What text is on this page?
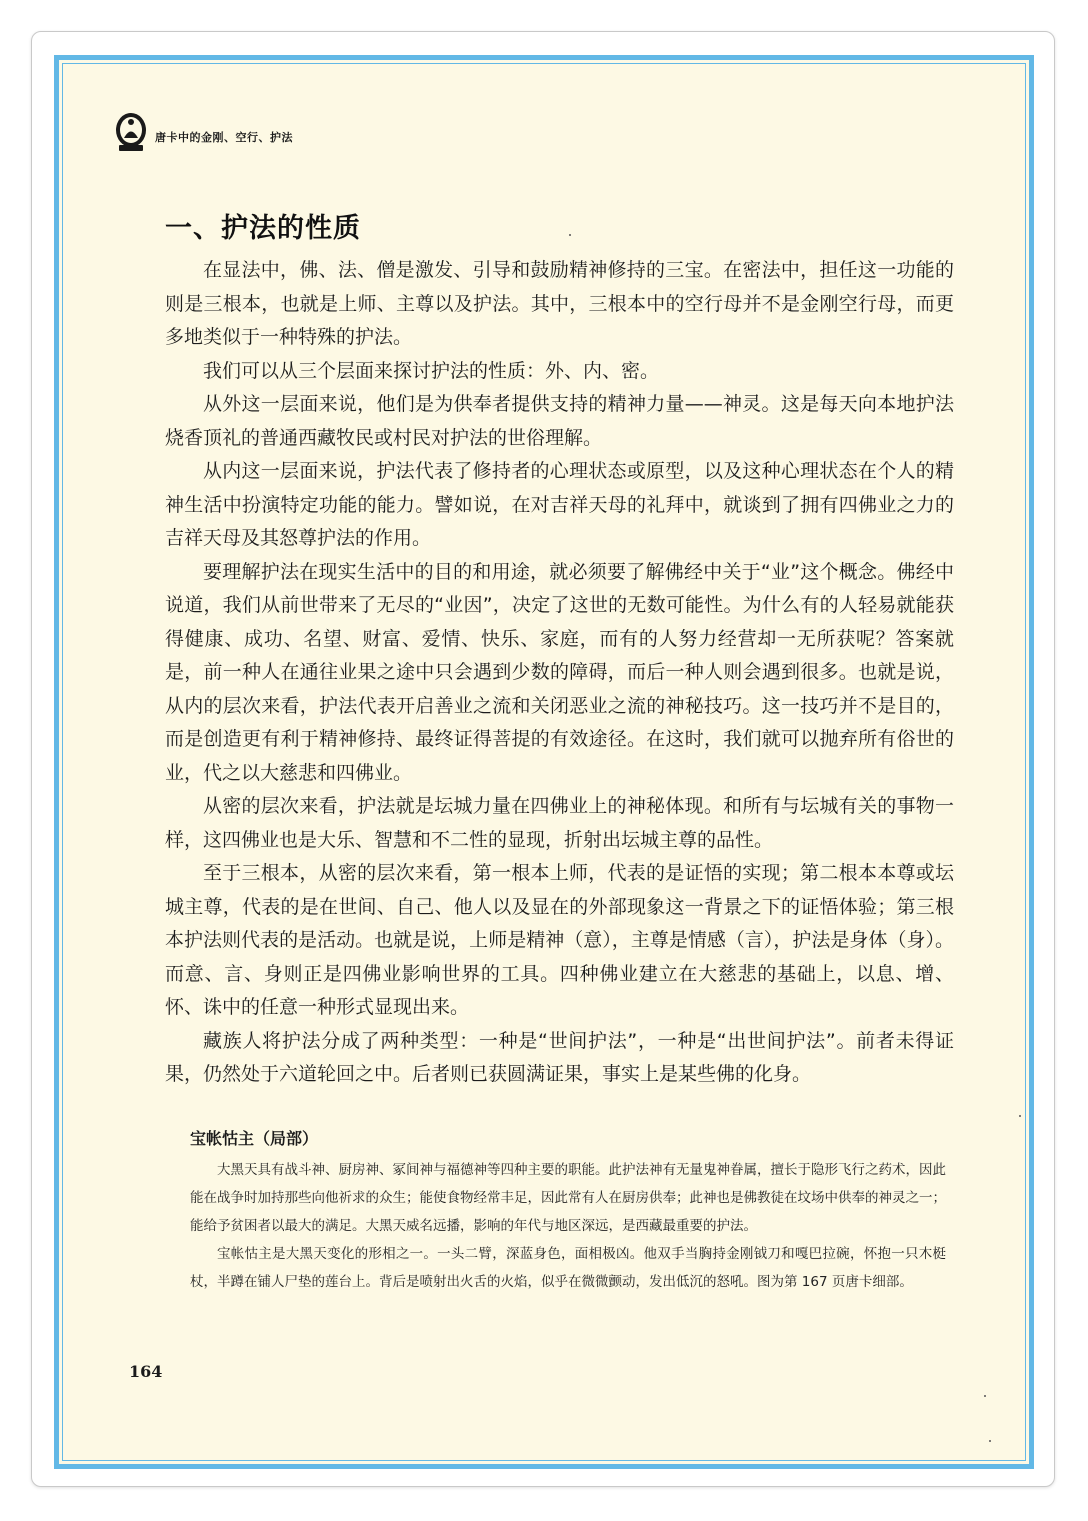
唐卡中的金刚、空行、护法
一、护法的性质

在显法中，佛、法、僧是激发、引导和鼓励精神修持的三宝。在密法中，担任这一功能的则是三根本，也就是上师、主尊以及护法。其中，三根本中的空行母并不是金刚空行母，而更多地类似于一种特殊的护法。

我们可以从三个层面来探讨护法的性质：外、内、密。

从外这一层面来说，他们是为供奉者提供支持的精神力量——神灵。这是每天向本地护法烧香顶礼的普通西藏牧民或村民对护法的世俗理解。

从内这一层面来说，护法代表了修持者的心理状态或原型，以及这种心理状态在个人的精神生活中扮演特定功能的能力。譬如说，在对吉祥天母的礼拜中，就谈到了拥有四佛业之力的吉祥天母及其怒尊护法的作用。

要理解护法在现实生活中的目的和用途，就必须要了解佛经中关于“业”这个概念。佛经中说道，我们从前世带来了无尽的“业因”，决定了这世的无数可能性。为什么有的人轻易就能获得健康、成功、名望、财富、爱情、快乐、家庭，而有的人努力经营却一无所获呢？答案就是，前一种人在通往业果之途中只会遇到少数的障碍，而后一种人则会遇到很多。也就是说，从内的层次来看，护法代表开启善业之流和关闭恶业之流的神秘技巧。这一技巧并不是目的，而是创造更有利于精神修持、最终证得菩提的有效途径。在这时，我们就可以抛弃所有俗世的业，代之以大慈悲和四佛业。

从密的层次来看，护法就是坛城力量在四佛业上的神秘体现。和所有与坛城有关的事物一样，这四佛业也是大乐、智慧和不二性的显现，折射出坛城主尊的品性。

至于三根本，从密的层次来看，第一根本上师，代表的是证悟的实现；第二根本本尊或坛城主尊，代表的是在世间、自己、他人以及显在的外部现象这一背景之下的证悟体验；第三根本护法则代表的是活动。也就是说，上师是精神（意），主尊是情感（言），护法是身体（身）。而意、言、身则正是四佛业影响世界的工具。四种佛业建立在大慈悲的基础上，以息、增、怀、诛中的任意一种形式显现出来。

藏族人将护法分成了两种类型：一种是“世间护法”，一种是“出世间护法”。前者未得证果，仍然处于六道轮回之中。后者则已获圆满证果，事实上是某些佛的化身。

宝帐怙主（局部）

大黑天具有战斗神、厨房神、冢间神与福德神等四种主要的职能。此护法神有无量鬼神眷属，擅长于隐形飞行之药术，因此能在战争时加持那些向他祈求的众生；能使食物经常丰足，因此常有人在厨房供奉；此神也是佛教徒在坟场中供奉的神灵之一；能给予贫困者以最大的满足。大黑天威名远播，影响的年代与地区深远，是西藏最重要的护法。

宝帐怙主是大黑天变化的形相之一。一头二臂，深蓝身色，面相极凶。他双手当胸持金刚钺刀和嘎巴拉碗，怀抱一只木梃杖，半蹲在铺人尸垫的莲台上。背后是喷射出火舌的火焰，似乎在微微颤动，发出低沉的怒吼。图为第 167 页唐卡细部。

164
